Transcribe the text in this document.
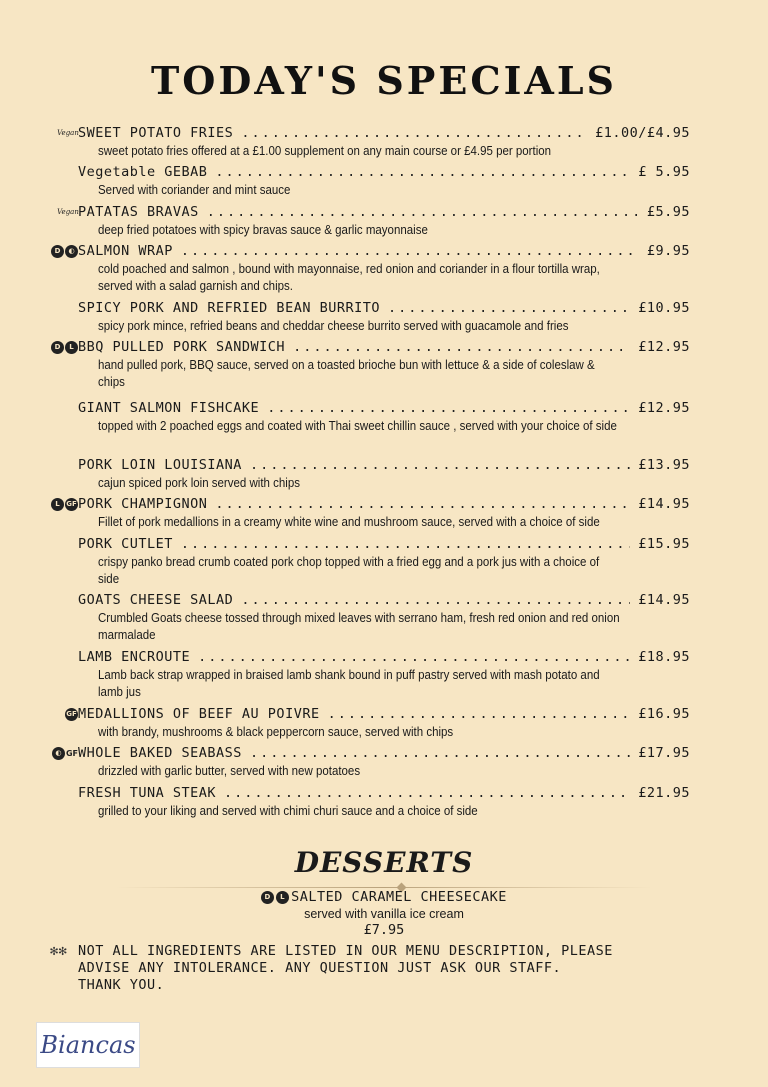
TODAY'S SPECIALS
Vegan SWEET POTATO FRIES .....	£1.00/£4.95
sweet potato fries offered at a £1.00 supplement on any main course or £4.95 per portion
Vegetable GEBAB .....	£ 5.95
Served with coriander and mint sauce
Vegan PATATAS BRAVAS .....	£5.95
deep fried potatoes with spicy bravas sauce & garlic mayonnaise
D	◐ SALMON WRAP .....	£9.95
cold poached and salmon , bound with mayonnaise, red onion and coriander in a flour tortilla wrap, served with a salad garnish and chips.
SPICY PORK AND REFRIED BEAN BURRITO .....	£10.95
spicy pork mince, refried beans and cheddar cheese burrito served with guacamole and fries
D	L BBQ PULLED PORK SANDWICH .....	£12.95
hand pulled pork, BBQ sauce, served on a toasted brioche bun with lettuce & a side of coleslaw & chips
GIANT SALMON FISHCAKE .....	£12.95
topped with 2 poached eggs and coated with Thai sweet chillin sauce , served with your choice of side
PORK LOIN LOUISIANA .....	£13.95
cajun spiced pork loin served with chips
L GF PORK CHAMPIGNON .....	£14.95
Fillet of pork medallions in a creamy white wine and mushroom sauce, served with a choice of side
PORK CUTLET .....	£15.95
crispy panko bread crumb coated pork chop topped with a fried egg and a pork jus with a choice of side
GOATS CHEESE SALAD .....	£14.95
Crumbled Goats cheese tossed through mixed leaves with serrano ham, fresh red onion and red onion marmalade
LAMB ENCROUTE .....	£18.95
Lamb back strap wrapped in braised lamb shank bound in puff pastry served with mash potato and lamb jus
GF MEDALLIONS OF BEEF AU POIVRE .....	£16.95
with brandy, mushrooms & black peppercorn sauce, served with chips
◐ GF WHOLE BAKED SEABASS .....	£17.95
drizzled with garlic butter, served with new potatoes
FRESH TUNA STEAK .....	£21.95
grilled to your liking and served with chimi churi sauce and a choice of side
DESSERTS
D	L SALTED CARAMEL CHEESECAKE
served with vanilla ice cream
£7.95
✻✻ NOT ALL INGREDIENTS ARE LISTED IN OUR MENU DESCRIPTION, PLEASE
ADVISE ANY INTOLERANCE. ANY QUESTION JUST ASK OUR STAFF.
THANK YOU.
Biancas
